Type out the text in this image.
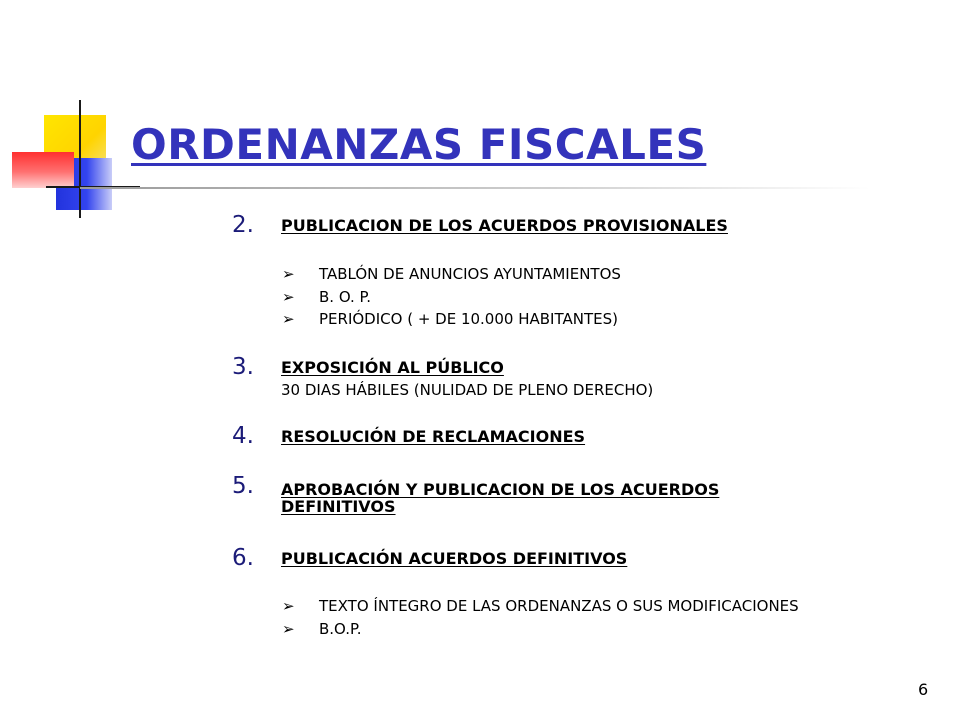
ORDENANZAS FISCALES
2. PUBLICACION DE LOS ACUERDOS PROVISIONALES
➢ TABLÓN DE ANUNCIOS AYUNTAMIENTOS
➢ B. O. P.
➢ PERIÓDICO ( + DE 10.000 HABITANTES)
3. EXPOSICIÓN AL PÚBLICO
30 DIAS HÁBILES (NULIDAD DE PLENO DERECHO)
4. RESOLUCIÓN DE RECLAMACIONES
5. APROBACIÓN Y PUBLICACION DE LOS ACUERDOS DEFINITIVOS
6. PUBLICACIÓN ACUERDOS DEFINITIVOS
➢ TEXTO ÍNTEGRO DE LAS ORDENANZAS O SUS MODIFICACIONES
➢ B.O.P.
6
